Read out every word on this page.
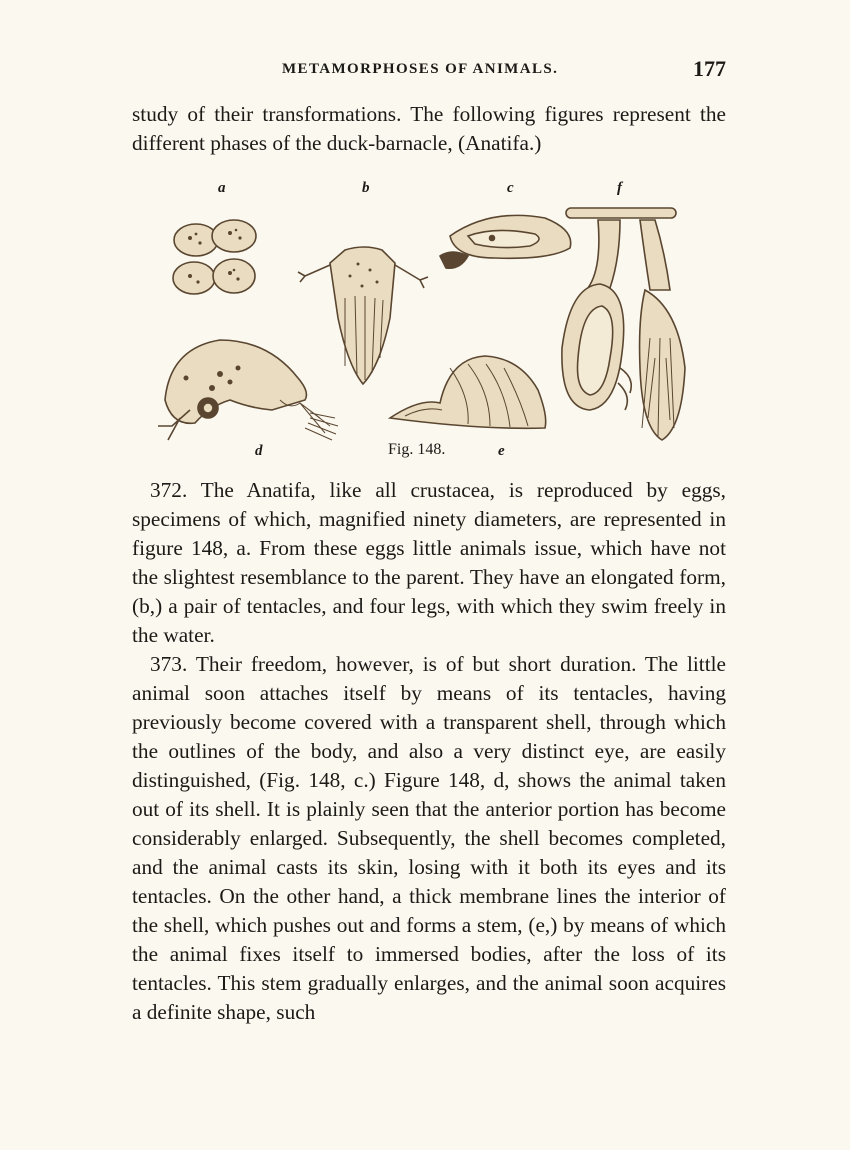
METAMORPHOSES OF ANIMALS.	177

study of their transformations. The following figures represent the different phases of the duck-barnacle, (Anatifa.)

a	b	c	f
d	Fig. 148.	e

372. The Anatifa, like all crustacea, is reproduced by eggs, specimens of which, magnified ninety diameters, are represented in figure 148, a. From these eggs little animals issue, which have not the slightest resemblance to the parent. They have an elongated form, (b,) a pair of tentacles, and four legs, with which they swim freely in the water.

373. Their freedom, however, is of but short duration. The little animal soon attaches itself by means of its tentacles, having previously become covered with a transparent shell, through which the outlines of the body, and also a very distinct eye, are easily distinguished, (Fig. 148, c.) Figure 148, d, shows the animal taken out of its shell. It is plainly seen that the anterior portion has become considerably enlarged. Subsequently, the shell becomes completed, and the animal casts its skin, losing with it both its eyes and its tentacles. On the other hand, a thick membrane lines the interior of the shell, which pushes out and forms a stem, (e,) by means of which the animal fixes itself to immersed bodies, after the loss of its tentacles. This stem gradually enlarges, and the animal soon acquires a definite shape, such
